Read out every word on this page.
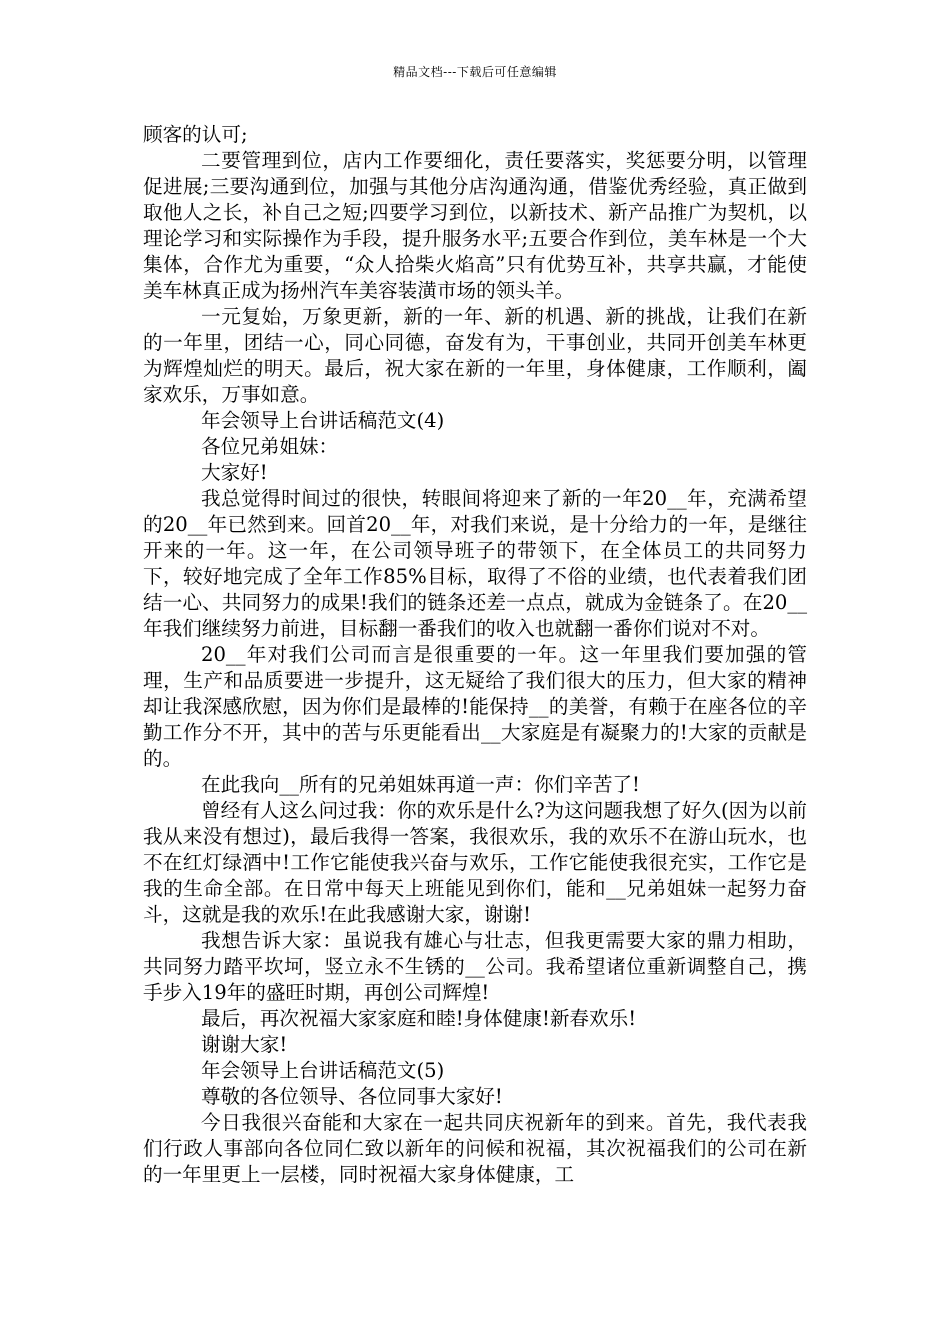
精品文档---下载后可任意编辑

顾客的认可;

二要管理到位，店内工作要细化，责任要落实，奖惩要分明，以管理促进展;三要沟通到位，加强与其他分店沟通沟通，借鉴优秀经验，真正做到取他人之长，补自己之短;四要学习到位，以新技术、新产品推广为契机，以理论学习和实际操作为手段，提升服务水平;五要合作到位，美车林是一个大集体，合作尤为重要，“众人拾柴火焰高”只有优势互补，共享共赢，才能使美车林真正成为扬州汽车美容装潢市场的领头羊。

一元复始，万象更新，新的一年、新的机遇、新的挑战，让我们在新的一年里，团结一心，同心同德，奋发有为，干事创业，共同开创美车林更为辉煌灿烂的明天。最后，祝大家在新的一年里，身体健康，工作顺利，阖家欢乐，万事如意。

年会领导上台讲话稿范文(4)

各位兄弟姐妹：

大家好!

我总觉得时间过的很快，转眼间将迎来了新的一年20__年，充满希望的20__年已然到来。回首20__年，对我们来说，是十分给力的一年，是继往开来的一年。这一年，在公司领导班子的带领下，在全体员工的共同努力下，较好地完成了全年工作85%目标，取得了不俗的业绩，也代表着我们团结一心、共同努力的成果!我们的链条还差一点点，就成为金链条了。在20__年我们继续努力前进，目标翻一番我们的收入也就翻一番你们说对不对。

20__年对我们公司而言是很重要的一年。这一年里我们要加强的管理，生产和品质要进一步提升，这无疑给了我们很大的压力，但大家的精神却让我深感欣慰，因为你们是最棒的!能保持__的美誉，有赖于在座各位的辛勤工作分不开，其中的苦与乐更能看出__大家庭是有凝聚力的!大家的贡献是的。

在此我向__所有的兄弟姐妹再道一声：你们辛苦了!

曾经有人这么问过我：你的欢乐是什么?为这问题我想了好久(因为以前我从来没有想过)，最后我得一答案，我很欢乐，我的欢乐不在游山玩水，也不在红灯绿酒中!工作它能使我兴奋与欢乐，工作它能使我很充实，工作它是我的生命全部。在日常中每天上班能见到你们，能和__兄弟姐妹一起努力奋斗，这就是我的欢乐!在此我感谢大家，谢谢!

我想告诉大家：虽说我有雄心与壮志，但我更需要大家的鼎力相助，共同努力踏平坎坷，竖立永不生锈的__公司。我希望诸位重新调整自己，携手步入19年的盛旺时期，再创公司辉煌!

最后，再次祝福大家家庭和睦!身体健康!新春欢乐!

谢谢大家!

年会领导上台讲话稿范文(5)

尊敬的各位领导、各位同事大家好!

今日我很兴奋能和大家在一起共同庆祝新年的到来。首先，我代表我们行政人事部向各位同仁致以新年的问候和祝福，其次祝福我们的公司在新的一年里更上一层楼，同时祝福大家身体健康，工
